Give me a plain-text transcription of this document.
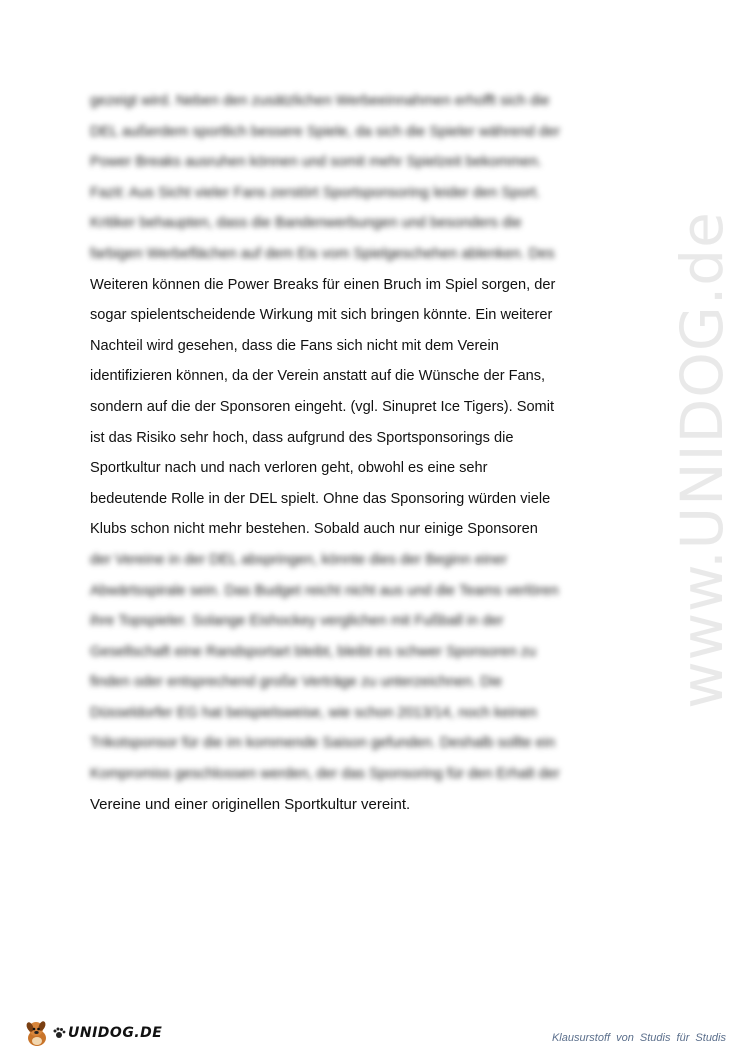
www.UNIDOG.de
gezeigt wird. Neben den zusätzlichen Werbeeinnahmen erhofft sich die
DEL außerdem sportlich bessere Spiele, da sich die Spieler während der
Power Breaks ausruhen können und somit mehr Spielzeit bekommen.
Fazit: Aus Sicht vieler Fans zerstört Sportsponsoring leider den Sport.
Kritiker behaupten, dass die Bandenwerbungen und besonders die
farbigen Werbeflächen auf dem Eis vom Spielgeschehen ablenken. Des
Weiteren können die Power Breaks für einen Bruch im Spiel sorgen, der
sogar spielentscheidende Wirkung mit sich bringen könnte. Ein weiterer
Nachteil wird gesehen, dass die Fans sich nicht mit dem Verein
identifizieren können, da der Verein anstatt auf die Wünsche der Fans,
sondern auf die der Sponsoren eingeht. (vgl. Sinupret Ice Tigers). Somit
ist das Risiko sehr hoch, dass aufgrund des Sportsponsorings die
Sportkultur nach und nach verloren geht, obwohl es eine sehr
bedeutende Rolle in der DEL spielt. Ohne das Sponsoring würden viele
Klubs schon nicht mehr bestehen. Sobald auch nur einige Sponsoren
der Vereine in der DEL abspringen, könnte dies der Beginn einer
Abwärtsspirale sein. Das Budget reicht nicht aus und die Teams verlören
ihre Topspieler. Solange Eishockey verglichen mit Fußball in der
Gesellschaft eine Randsportart bleibt, bleibt es schwer Sponsoren zu
finden oder entsprechend große Verträge zu unterzeichnen. Die
Düsseldorfer EG hat beispielsweise, wie schon 2013/14, noch keinen
Trikotsponsor für die im kommende Saison gefunden. Deshalb sollte ein
Kompromiss geschlossen werden, der das Sponsoring für den Erhalt der
Vereine und einer originellen Sportkultur vereint.
UNIDOG.DE	Klausurstoff von Studis für Studis
